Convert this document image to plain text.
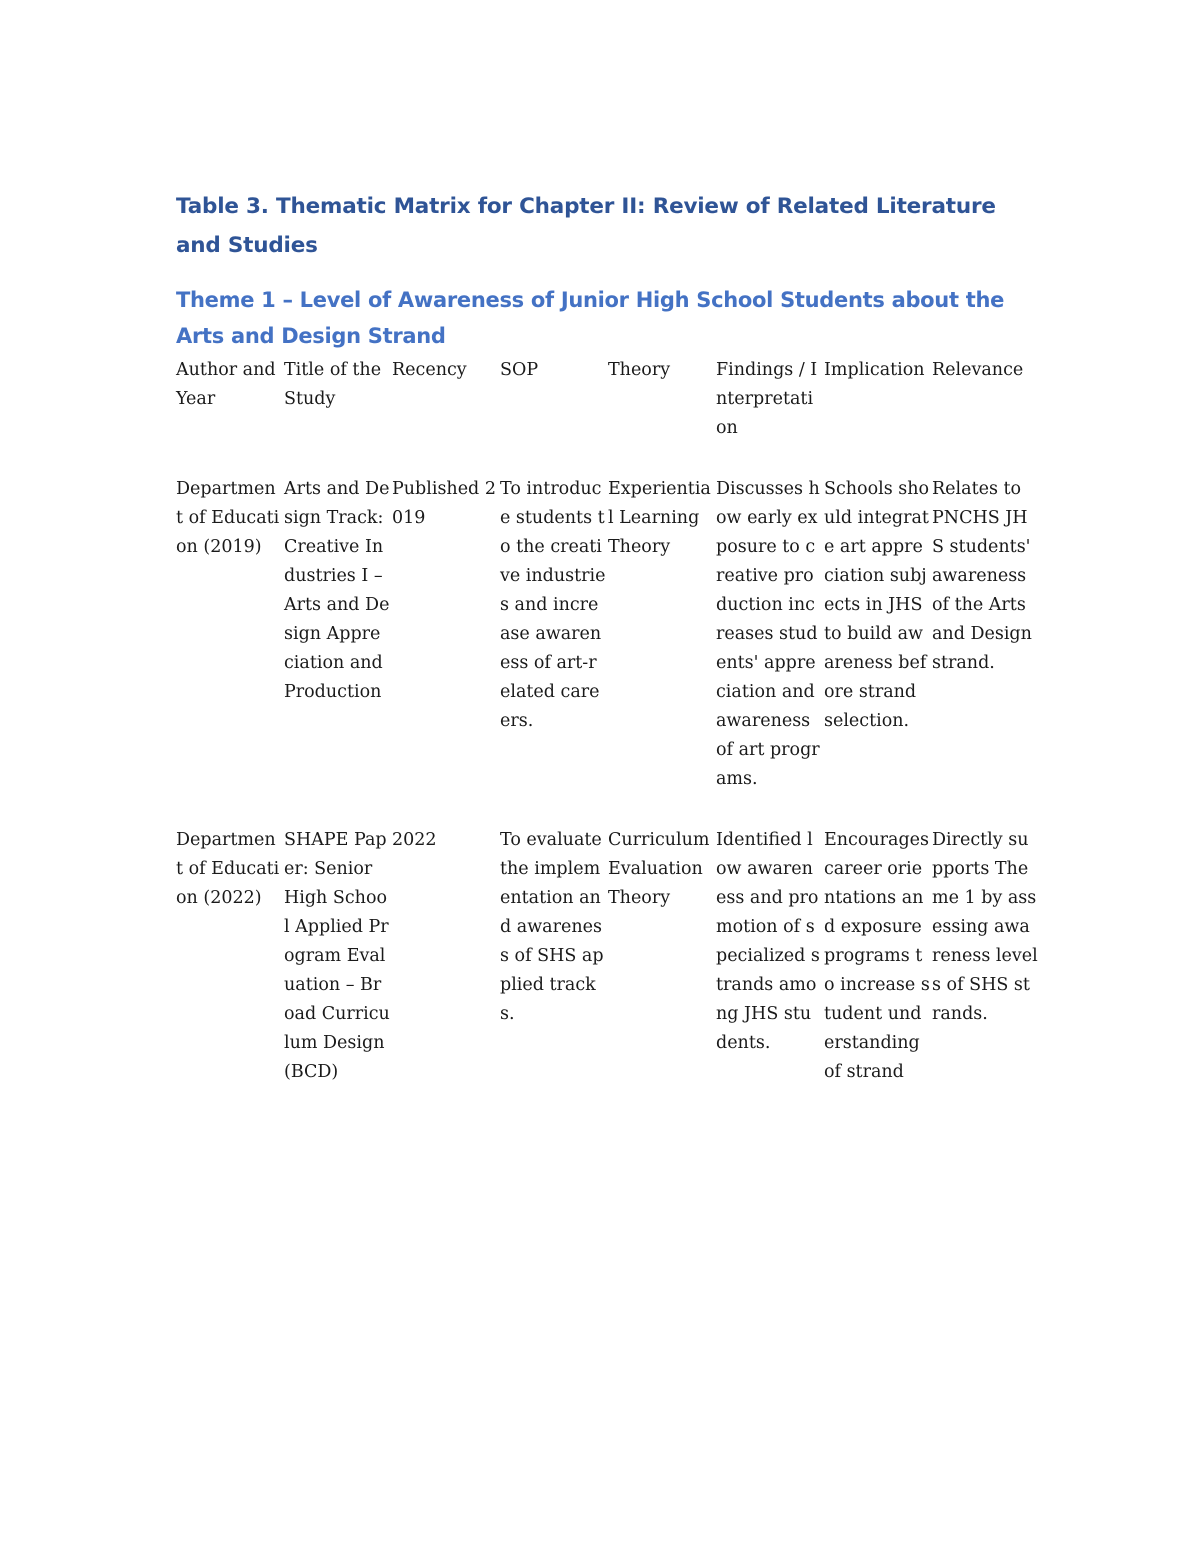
Table 3. Thematic Matrix for Chapter II: Review of Related Literature and Studies
Theme 1 – Level of Awareness of Junior High School Students about the Arts and Design Strand
Author and Year	Title of the Study	Recency	SOP	Theory	Findings / Interpretation	Implication	Relevance
Department of Education (2019)	Arts and Design Track: Creative Industries I – Arts and Design Appreciation and Production	Published 2019	To introduce students to the creative industries and increase awareness of art-related careers.	Experiential Learning Theory	Discusses how early exposure to creative production increases students' appreciation and awareness of art programs.	Schools should integrate art appreciation subjects in JHS to build awareness before strand selection.	Relates to PNCHS JHS students' awareness of the Arts and Design strand.
Department of Education (2022)	SHAPE Paper: Senior High School Applied Program Evaluation – Broad Curriculum Design (BCD)	2022	To evaluate the implementation and awareness of SHS applied tracks.	Curriculum Evaluation Theory	Identified low awareness and promotion of specialized strands among JHS students.	Encourages career orientations and exposure programs to increase student understanding of strand	Directly supports Theme 1 by assessing awareness levels of SHS strands.
